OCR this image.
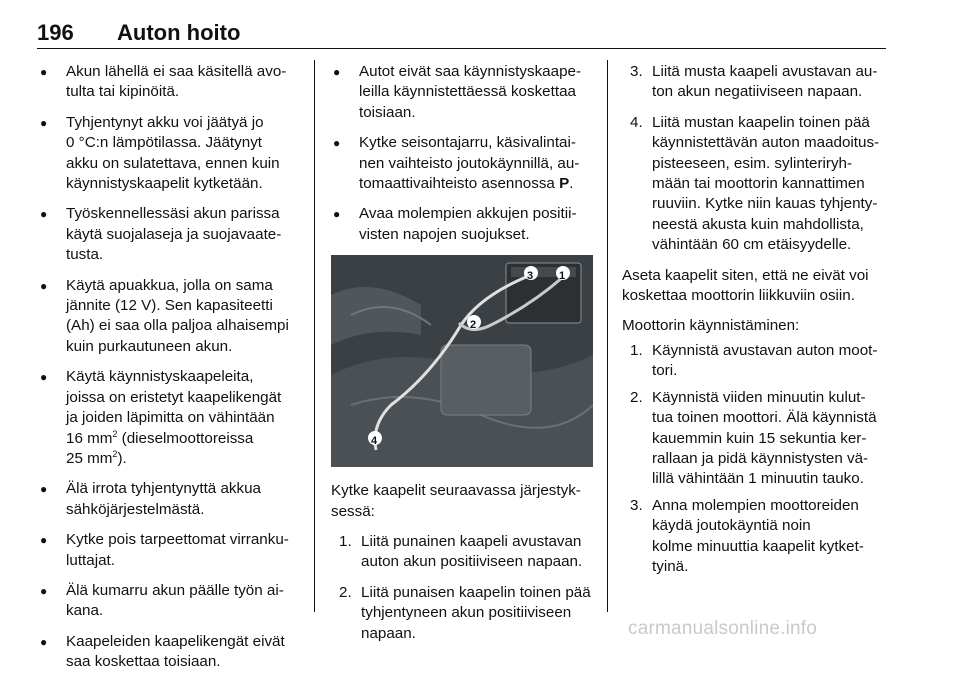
196 Auton hoito
● Akun lähellä ei saa käsitellä avo-
tulta tai kipinöitä.
● Tyhjentynyt akku voi jäätyä jo
0 °C:n lämpötilassa. Jäätynyt
akku on sulatettava, ennen kuin
käynnistyskaapelit kytketään.
● Työskennellessäsi akun parissa
käytä suojalaseja ja suojavaate-
tusta.
● Käytä apuakkua, jolla on sama
jännite (12 V). Sen kapasiteetti
(Ah) ei saa olla paljoa alhaisempi
kuin purkautuneen akun.
● Käytä käynnistyskaapeleita,
joissa on eristetyt kaapelikengät
ja joiden läpimitta on vähintään
16 $mm^2$ (dieselmoottoreissa
25 $mm^2$).
● Älä irrota tyhjentynyttä akkua
sähköjärjestelmästä.
● Kytke pois tarpeettomat virranku-
luttajat.
● Älä kumarru akun päälle työn ai-
kana.
● Kaapeleiden kaapelikengät eivät
saa koskettaa toisiaan.
● Autot eivät saa käynnistyskaape-
leilla käynnistettäessä koskettaa
toisiaan.
● Kytke seisontajarru, käsivalintai-
nen vaihteisto joutokäynnillä, au-
tomaattivaihteisto asennossa P.
● Avaa molempien akkujen positii-
visten napojen suojukset.
3 1
2
4
Kytke kaapelit seuraavassa järjestyk-
sessä:
1. Liitä punainen kaapeli avustavan
auton akun positiiviseen napaan.
2. Liitä punaisen kaapelin toinen pää
tyhjentyneen akun positiiviseen
napaan.
3. Liitä musta kaapeli avustavan au-
ton akun negatiiviseen napaan.
4. Liitä mustan kaapelin toinen pää
käynnistettävän auton maadoitus-
pisteeseen, esim. sylinteriryh-
mään tai moottorin kannattimen
ruuviin. Kytke niin kauas tyhjenty-
neestä akusta kuin mahdollista,
vähintään 60 cm etäisyydelle.
Aseta kaapelit siten, että ne eivät voi
koskettaa moottorin liikkuviin osiin.
Moottorin käynnistäminen:
1. Käynnistä avustavan auton moot-
tori.
2. Käynnistä viiden minuutin kulut-
tua toinen moottori. Älä käynnistä
kauemmin kuin 15 sekuntia ker-
rallaan ja pidä käynnistysten vä-
lillä vähintään 1 minuutin tauko.
3. Anna molempien moottoreiden
käydä joutokäyntiä noin
kolme minuuttia kaapelit kytket-
tyinä.
carmanualsonline.info
